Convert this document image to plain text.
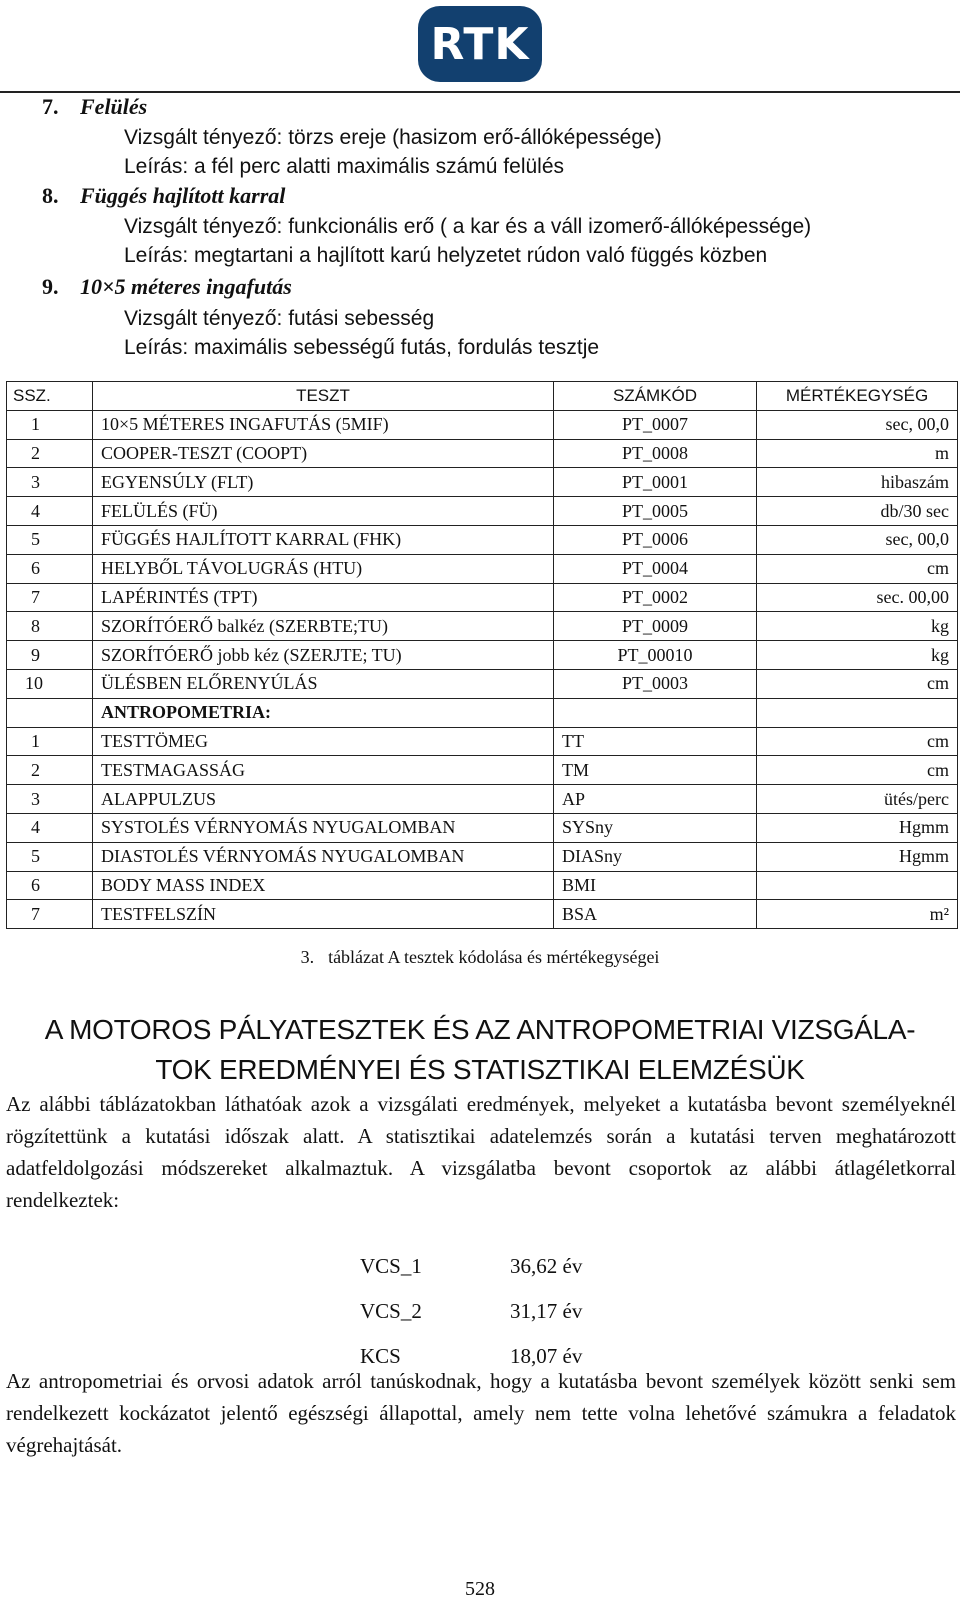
RTK
7. Felülés
Vizsgált tényező: törzs ereje (hasizom erő-állóképessége)
Leírás: a fél perc alatti maximális számú felülés
8. Függés hajlított karral
Vizsgált tényező: funkcionális erő ( a kar és a váll izomerő-állóképessége)
Leírás: megtartani a hajlított karú helyzetet rúdon való függés közben
9. 10×5 méteres ingafutás
Vizsgált tényező: futási sebesség
Leírás: maximális sebességű futás, fordulás tesztje
SSZ.	TESZT	SZÁMKÓD	MÉRTÉKEGYSÉG
1	10×5 MÉTERES INGAFUTÁS (5MIF)	PT_0007	sec, 00,0
2	COOPER-TESZT (COOPT)	PT_0008	m
3	EGYENSÚLY (FLT)	PT_0001	hibaszám
4	FELÜLÉS (FÜ)	PT_0005	db/30 sec
5	FÜGGÉS HAJLÍTOTT KARRAL (FHK)	PT_0006	sec, 00,0
6	HELYBŐL TÁVOLUGRÁS (HTU)	PT_0004	cm
7	LAPÉRINTÉS (TPT)	PT_0002	sec. 00,00
8	SZORÍTÓERŐ balkéz (SZERBTE;TU)	PT_0009	kg
9	SZORÍTÓERŐ jobb kéz (SZERJTE; TU)	PT_00010	kg
10	ÜLÉSBEN ELŐRENYÚLÁS	PT_0003	cm
	ANTROPOMETRIA:		
1	TESTTÖMEG	TT	cm
2	TESTMAGASSÁG	TM	cm
3	ALAPPULZUS	AP	ütés/perc
4	SYSTOLÉS VÉRNYOMÁS NYUGALOMBAN	SYSny	Hgmm
5	DIASTOLÉS VÉRNYOMÁS NYUGALOMBAN	DIASny	Hgmm
6	BODY MASS INDEX	BMI	
7	TESTFELSZÍN	BSA	m²
3. táblázat A tesztek kódolása és mértékegységei
A MOTOROS PÁLYATESZTEK ÉS AZ ANTROPOMETRIAI VIZSGÁLA-
TOK EREDMÉNYEI ÉS STATISZTIKAI ELEMZÉSÜK
Az alábbi táblázatokban láthatóak azok a vizsgálati eredmények, melyeket a kutatásba bevont személyeknél rögzítettünk a kutatási időszak alatt. A statisztikai adatelemzés során a kutatási terven meghatározott adatfeldolgozási módszereket alkalmaztuk. A vizsgálatba bevont csoportok az alábbi átlagéletkorral rendelkeztek:
VCS_1	36,62 év
VCS_2	31,17 év
KCS	18,07 év
Az antropometriai és orvosi adatok arról tanúskodnak, hogy a kutatásba bevont személyek között senki sem rendelkezett kockázatot jelentő egészségi állapottal, amely nem tette volna lehetővé számukra a feladatok végrehajtását.
528
